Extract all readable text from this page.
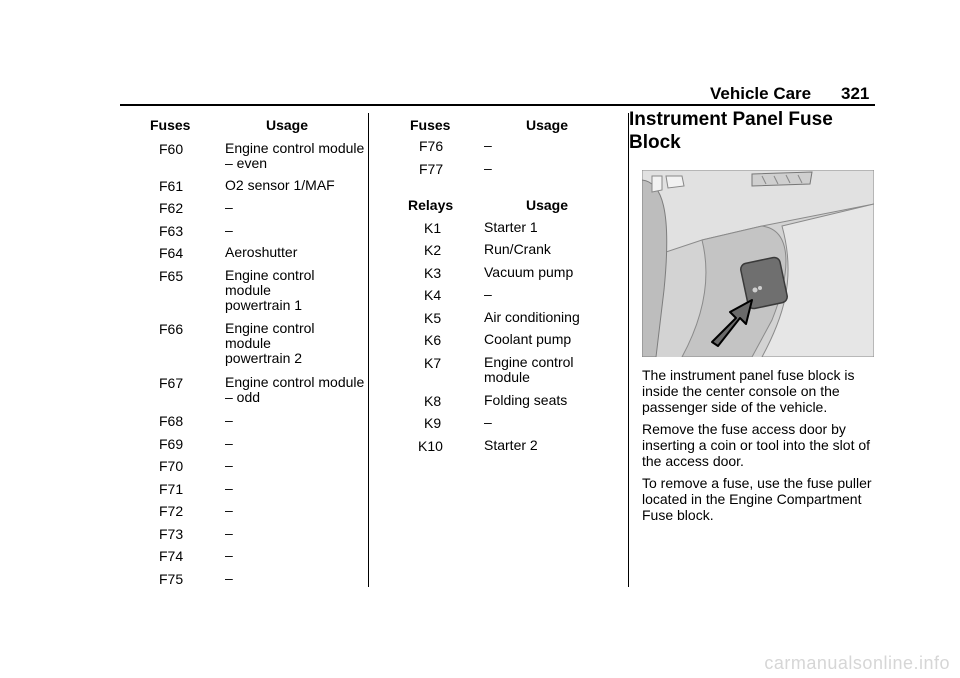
Vehicle Care 321
Fuses	Usage
F60	Engine control module – even
F61	O2 sensor 1/MAF
F62	–
F63	–
F64	Aeroshutter
F65	Engine control module powertrain 1
F66	Engine control module powertrain 2
F67	Engine control module – odd
F68	–
F69	–
F70	–
F71	–
F72	–
F73	–
F74	–
F75	–
Fuses	Usage
F76	–
F77	–
Relays	Usage
K1	Starter 1
K2	Run/Crank
K3	Vacuum pump
K4	–
K5	Air conditioning
K6	Coolant pump
K7	Engine control module
K8	Folding seats
K9	–
K10	Starter 2
Instrument Panel Fuse Block
The instrument panel fuse block is inside the center console on the passenger side of the vehicle.
Remove the fuse access door by inserting a coin or tool into the slot of the access door.
To remove a fuse, use the fuse puller located in the Engine Compartment Fuse block.
carmanualsonline.info
